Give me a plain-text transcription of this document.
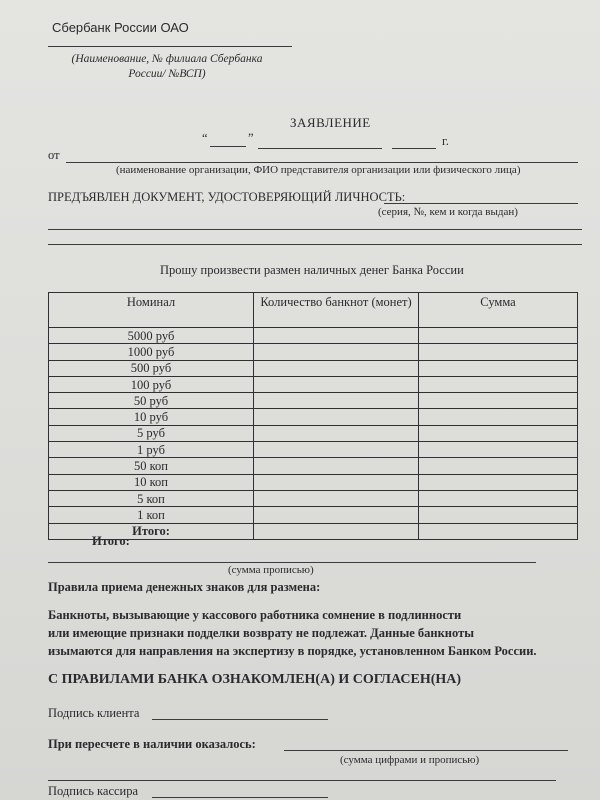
Сбербанк России ОАО
(Наименование, № филиала Сбербанка
России/ №ВСП)
ЗАЯВЛЕНИЕ
“	”	г.
от
(наименование организации, ФИО представителя организации или физического лица)
ПРЕДЪЯВЛЕН ДОКУМЕНТ, УДОСТОВЕРЯЮЩИЙ ЛИЧНОСТЬ:
(серия, №, кем и когда выдан)
Прошу произвести размен наличных денег Банка России
Номинал	Количество банкнот (монет)	Сумма
5000 руб		
1000 руб		
500 руб		
100 руб		
50 руб		
10 руб		
5 руб		
1 руб		
50 коп		
10 коп		
5 коп		
1 коп		
Итого:		
Итого:
(сумма прописью)
Правила приема денежных знаков для размена:

Банкноты, вызывающие у кассового работника сомнение в подлинности

или имеющие признаки подделки возврату не подлежат. Данные банкноты

изымаются для направления на экспертизу в порядке, установленном Банком России.

С ПРАВИЛАМИ БАНКА ОЗНАКОМЛЕН(А) И СОГЛАСЕН(НА)
Подпись клиента
При пересчете в наличии оказалось:
(сумма цифрами и прописью)
Подпись кассира
